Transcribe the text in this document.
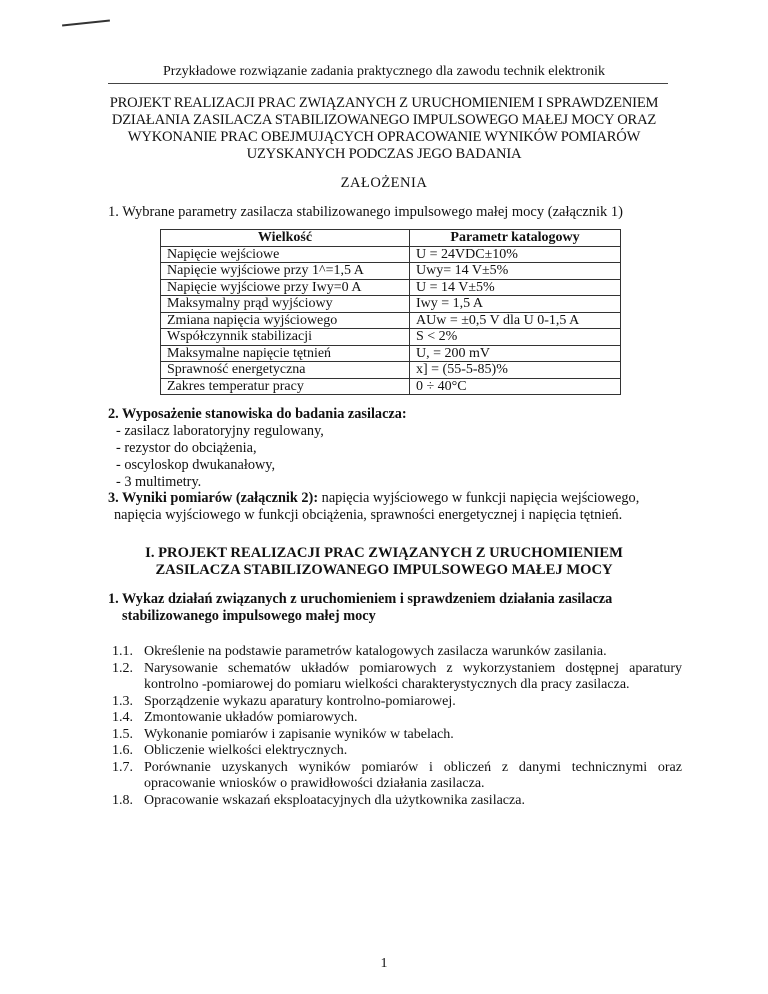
Przykładowe rozwiązanie zadania praktycznego dla zawodu technik elektronik
PROJEKT REALIZACJI PRAC ZWIĄZANYCH Z URUCHOMIENIEM I SPRAWDZENIEM
DZIAŁANIA ZASILACZA STABILIZOWANEGO IMPULSOWEGO MAŁEJ MOCY ORAZ
WYKONANIE PRAC OBEJMUJĄCYCH OPRACOWANIE WYNIKÓW POMIARÓW
UZYSKANYCH PODCZAS JEGO BADANIA
ZAŁOŻENIA
1. Wybrane parametry zasilacza stabilizowanego impulsowego małej mocy (załącznik 1)
Wielkość	Parametr katalogowy
Napięcie wejściowe	U = 24VDC±10%
Napięcie wyjściowe przy 1^=1,5 A	Uwy= 14 V±5%
Napięcie wyjściowe przy Iwy=0 A	U = 14 V±5%
Maksymalny prąd wyjściowy	Iwy = 1,5 A
Zmiana napięcia wyjściowego	AUw = ±0,5 V dla U 0-1,5 A
Współczynnik stabilizacji	S < 2%
Maksymalne napięcie tętnień	U, = 200 mV
Sprawność energetyczna	x] = (55-5-85)%
Zakres temperatur pracy	0 ÷ 40°C
2. Wyposażenie stanowiska do badania zasilacza:
- zasilacz laboratoryjny regulowany,
- rezystor do obciążenia,
- oscyloskop dwukanałowy,
- 3 multimetry.
3. Wyniki pomiarów (załącznik 2): napięcia wyjściowego w funkcji napięcia wejściowego,
napięcia wyjściowego w funkcji obciążenia, sprawności energetycznej i napięcia tętnień.
I. PROJEKT REALIZACJI PRAC ZWIĄZANYCH Z URUCHOMIENIEM
ZASILACZA STABILIZOWANEGO IMPULSOWEGO MAŁEJ MOCY
1. Wykaz działań związanych z uruchomieniem i sprawdzeniem działania zasilacza
stabilizowanego impulsowego małej mocy
1.1. Określenie na podstawie parametrów katalogowych zasilacza warunków zasilania.
1.2. Narysowanie schematów układów pomiarowych z wykorzystaniem dostępnej aparatury kontrolno -pomiarowej do pomiaru wielkości charakterystycznych dla pracy zasilacza.
1.3. Sporządzenie wykazu aparatury kontrolno-pomiarowej.
1.4. Zmontowanie układów pomiarowych.
1.5. Wykonanie pomiarów i zapisanie wyników w tabelach.
1.6. Obliczenie wielkości elektrycznych.
1.7. Porównanie uzyskanych wyników pomiarów i obliczeń z danymi technicznymi oraz opracowanie wniosków o prawidłowości działania zasilacza.
1.8. Opracowanie wskazań eksploatacyjnych dla użytkownika zasilacza.
1
